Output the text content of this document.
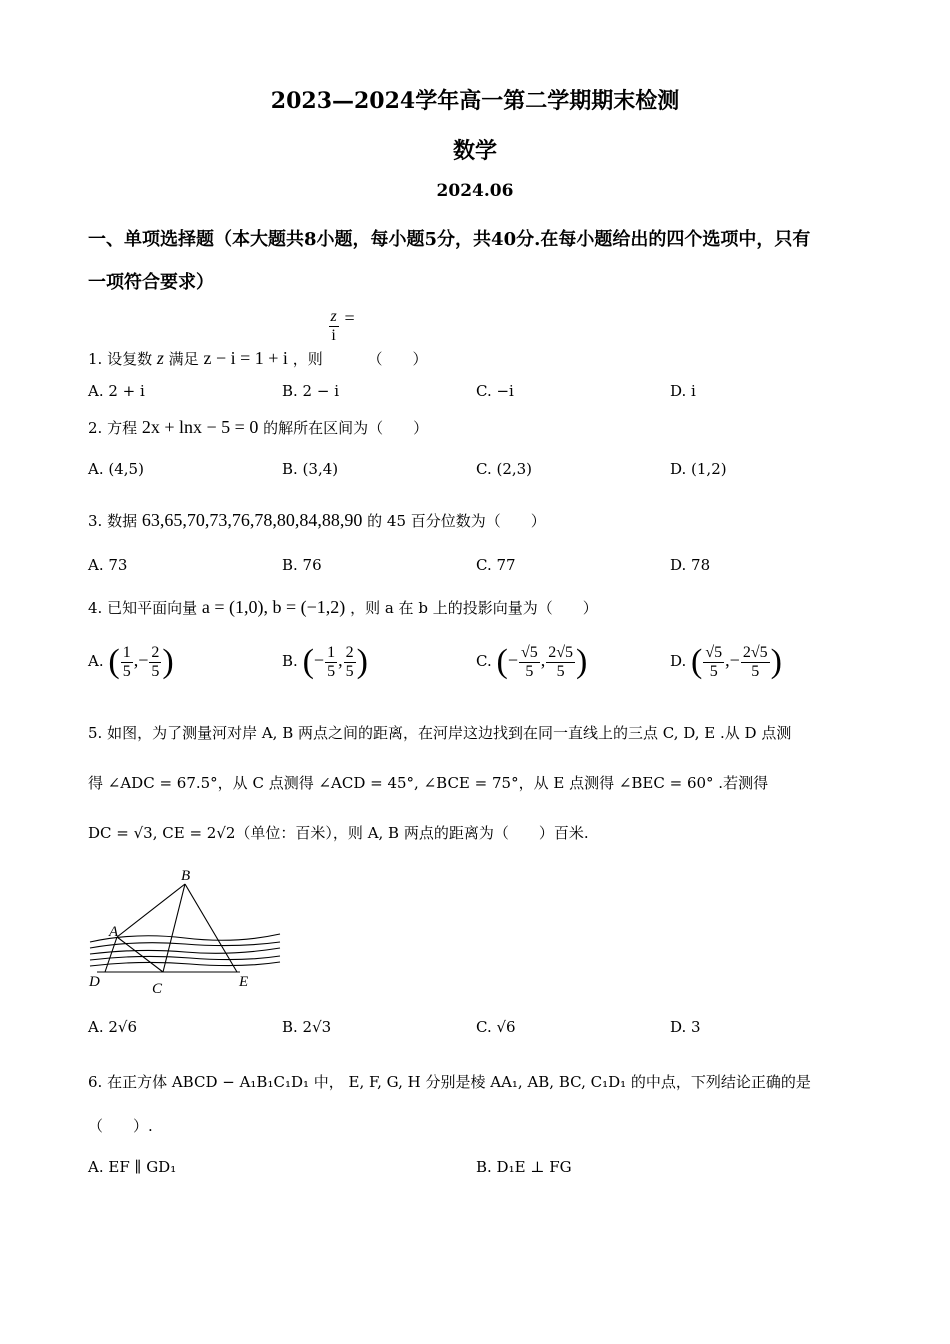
2023—2024学年高一第二学期期末检测
数学
2024.06
一、单项选择题（本大题共8小题，每小题5分，共40分.在每小题给出的四个选项中，只有
一项符合要求）
1. 设复数 z 满足 z − i = 1 + i ，则
$\frac{z}{i}$ = （　　）
A. 2 + i	B. 2 − i	C. −i	D. i
2. 方程 2x + lnx − 5 = 0 的解所在区间为（　　）
A. (4,5)	B. (3,4)	C. (2,3)	D. (1,2)
3. 数据 63,65,70,73,76,78,80,84,88,90 的 45 百分位数为（　　）
A. 73	B. 76	C. 77	D. 78
4. 已知平面向量 a = (1,0), b = (−1,2) ，则 a 在 b 上的投影向量为（　　）
A. ( $\frac{1}{5}$ ,− $\frac{2}{5}$ )	B. (− $\frac{1}{5}$ , $\frac{2}{5}$ )	C. (− $\frac{√5}{5}$ , $\frac{2√5}{5}$ )	D. ( $\frac{√5}{5}$ ,− $\frac{2√5}{5}$ )
5. 如图，为了测量河对岸 A, B 两点之间的距离，在河岸这边找到在同一直线上的三点 C, D, E .从 D 点测
得 ∠ADC = 67.5°，从 C 点测得 ∠ACD = 45°, ∠BCE = 75°，从 E 点测得 ∠BEC = 60° .若测得
DC = √3, CE = 2√2（单位：百米），则 A, B 两点的距离为（　　）百米.
B
A
D	C	E
A. 2√6	B. 2√3	C. √6	D. 3
6. 在正方体 ABCD − A₁B₁C₁D₁ 中， E, F, G, H 分别是棱 AA₁, AB, BC, C₁D₁ 的中点，下列结论正确的是
（　　）.
A. EF ∥ GD₁	B. D₁E ⊥ FG
